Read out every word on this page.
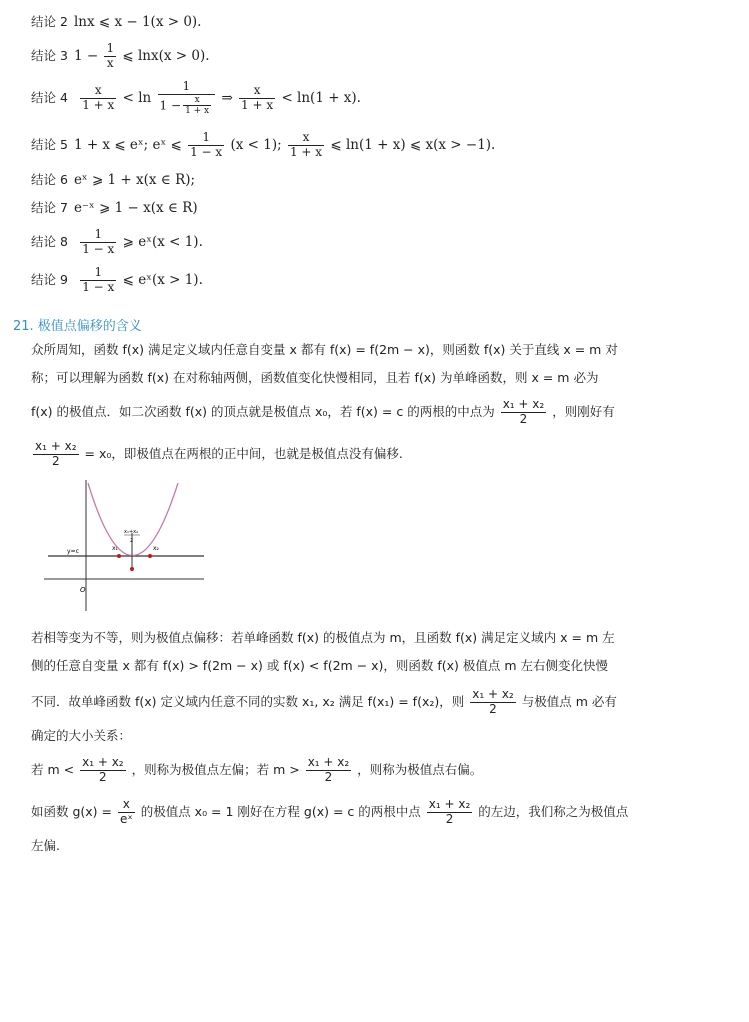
结论 2 lnx ⩽ x − 1(x > 0).
结论 3 $1 - \frac{1}{x}$ ⩽ lnx(x > 0).
结论 $4 \frac{x}{1 + x} < \ln \frac{1}{1 - \frac{x}{1 + x}}$ ⇒ $\frac{x}{1 + x} < \ln(1 + x)$.
结论 5 1 + x ⩽ eˣ; eˣ ⩽ $\frac{1}{1 - x} (x < 1)$; $\frac{x}{1 + x}$ ⩽ ln(1 + x) ⩽ x(x > −1).
结论 6 eˣ ⩾ 1 + x(x ∈ R);
结论 7 e⁻ˣ ⩾ 1 − x(x ∈ R)
结论 $8 \frac{1}{1 - x}$ ⩾ eˣ(x < 1).
结论 $9 \frac{1}{1 - x}$ ⩽ eˣ(x > 1).
21. 极值点偏移的含义
众所周知，函数 f(x) 满足定义域内任意自变量 x 都有 f(x) = f(2m − x)，则函数 f(x) 关于直线 x = m 对
称；可以理解为函数 f(x) 在对称轴两侧，函数值变化快慢相同，且若 f(x) 为单峰函数，则 x = m 必为
f(x) 的极值点．如二次函数 f(x) 的顶点就是极值点 x₀，若 f(x) = c 的两根的中点为 $\frac{\text{x₁ + x₂}}{2}$ ，则刚好有
$\frac{\text{x₁ + x₂}}{2} = x_0$，即极值点在两根的正中间，也就是极值点没有偏移.
y=c	x₁	x₂
x₁+x₂
2
O
若相等变为不等，则为极值点偏移：若单峰函数 f(x) 的极值点为 m，且函数 f(x) 满足定义域内 x = m 左
侧的任意自变量 x 都有 f(x) > f(2m − x) 或 f(x) < f(2m − x)，则函数 f(x) 极值点 m 左右侧变化快慢
不同．故单峰函数 f(x) 定义域内任意不同的实数 x₁, x₂ 满足 f(x₁) = f(x₂)，则 $\frac{\text{x₁ + x₂}}{2}$ 与极值点 m 必有
确定的大小关系：
若 $m < \frac{\text{x₁ + x₂}}{2}$ ，则称为极值点左偏；若 $m > \frac{\text{x₁ + x₂}}{2}$ ，则称为极值点右偏。
如函数 $g(x) = \frac{x}{\text{eˣ}}$ 的极值点 x₀ = 1 刚好在方程 g(x) = c 的两根中点 $\frac{\text{x₁ + x₂}}{2}$ 的左边，我们称之为极值点
左偏.
